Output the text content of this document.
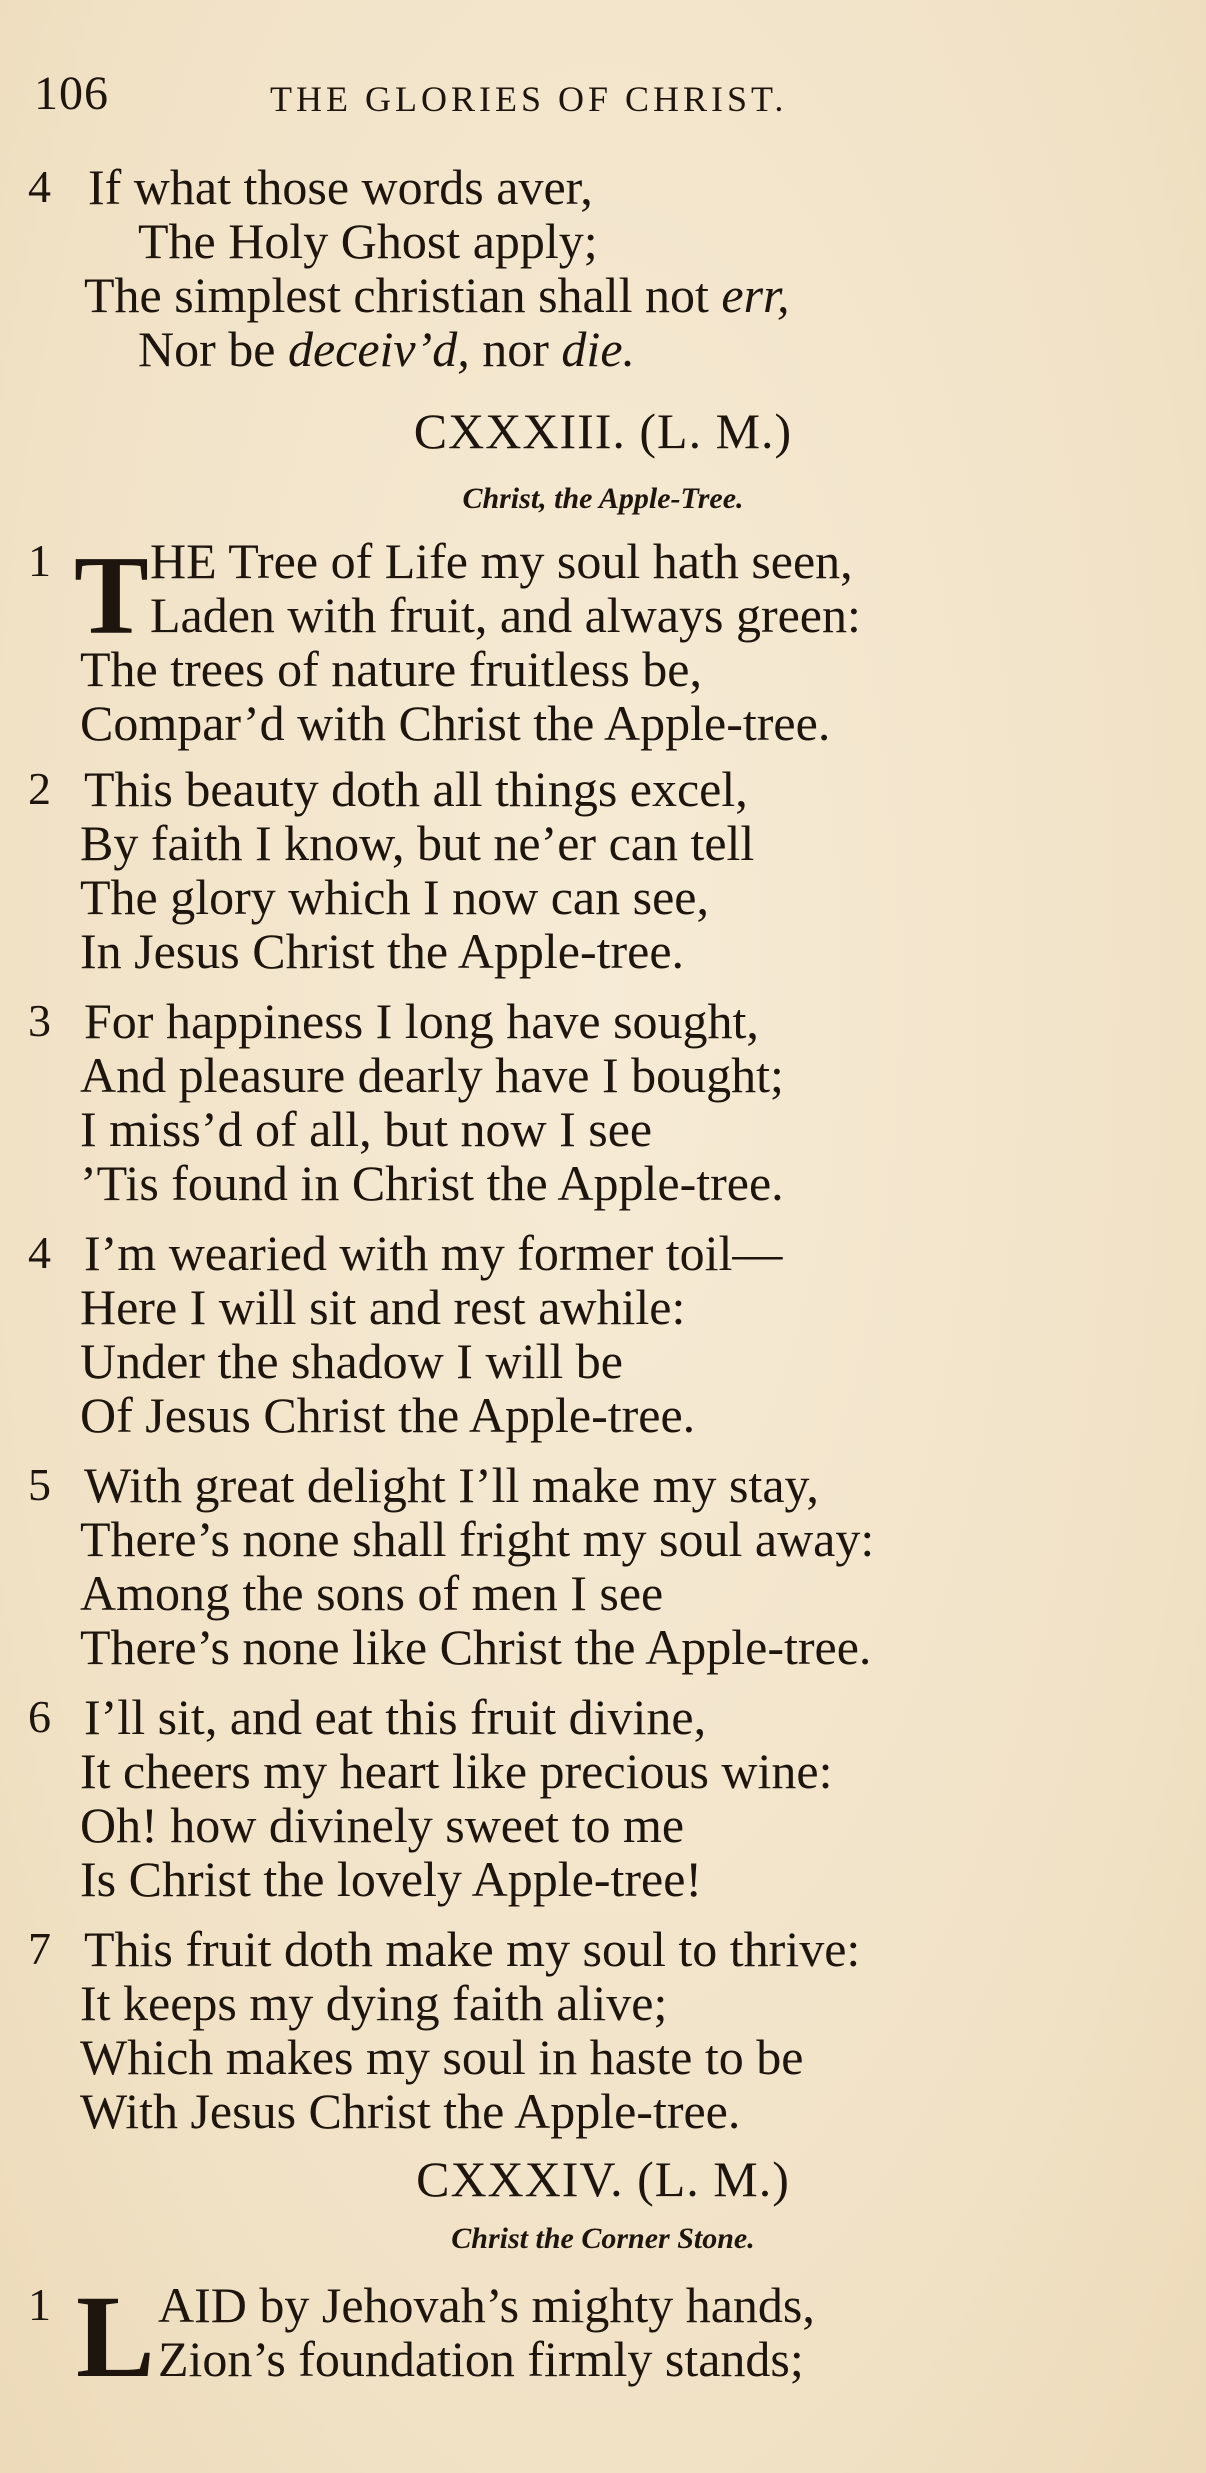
106	THE GLORIES OF CHRIST.
4 If what those words aver,
The Holy Ghost apply;
The simplest christian shall not err,
Nor be deceiv’d, nor die.
CXXXIII. (L. M.)
Christ, the Apple-Tree.
1 T HE Tree of Life my soul hath seen,
Laden with fruit, and always green:
The trees of nature fruitless be,
Compar’d with Christ the Apple-tree.
2 This beauty doth all things excel,
By faith I know, but ne’er can tell
The glory which I now can see,
In Jesus Christ the Apple-tree.
3 For happiness I long have sought,
And pleasure dearly have I bought;
I miss’d of all, but now I see
’Tis found in Christ the Apple-tree.
4 I’m wearied with my former toil—
Here I will sit and rest awhile:
Under the shadow I will be
Of Jesus Christ the Apple-tree.
5 With great delight I’ll make my stay,
There’s none shall fright my soul away:
Among the sons of men I see
There’s none like Christ the Apple-tree.
6 I’ll sit, and eat this fruit divine,
It cheers my heart like precious wine:
Oh! how divinely sweet to me
Is Christ the lovely Apple-tree!
7 This fruit doth make my soul to thrive:
It keeps my dying faith alive;
Which makes my soul in haste to be
With Jesus Christ the Apple-tree.
CXXXIV. (L. M.)
Christ the Corner Stone.
1 L AID by Jehovah’s mighty hands,
Zion’s foundation firmly stands;
